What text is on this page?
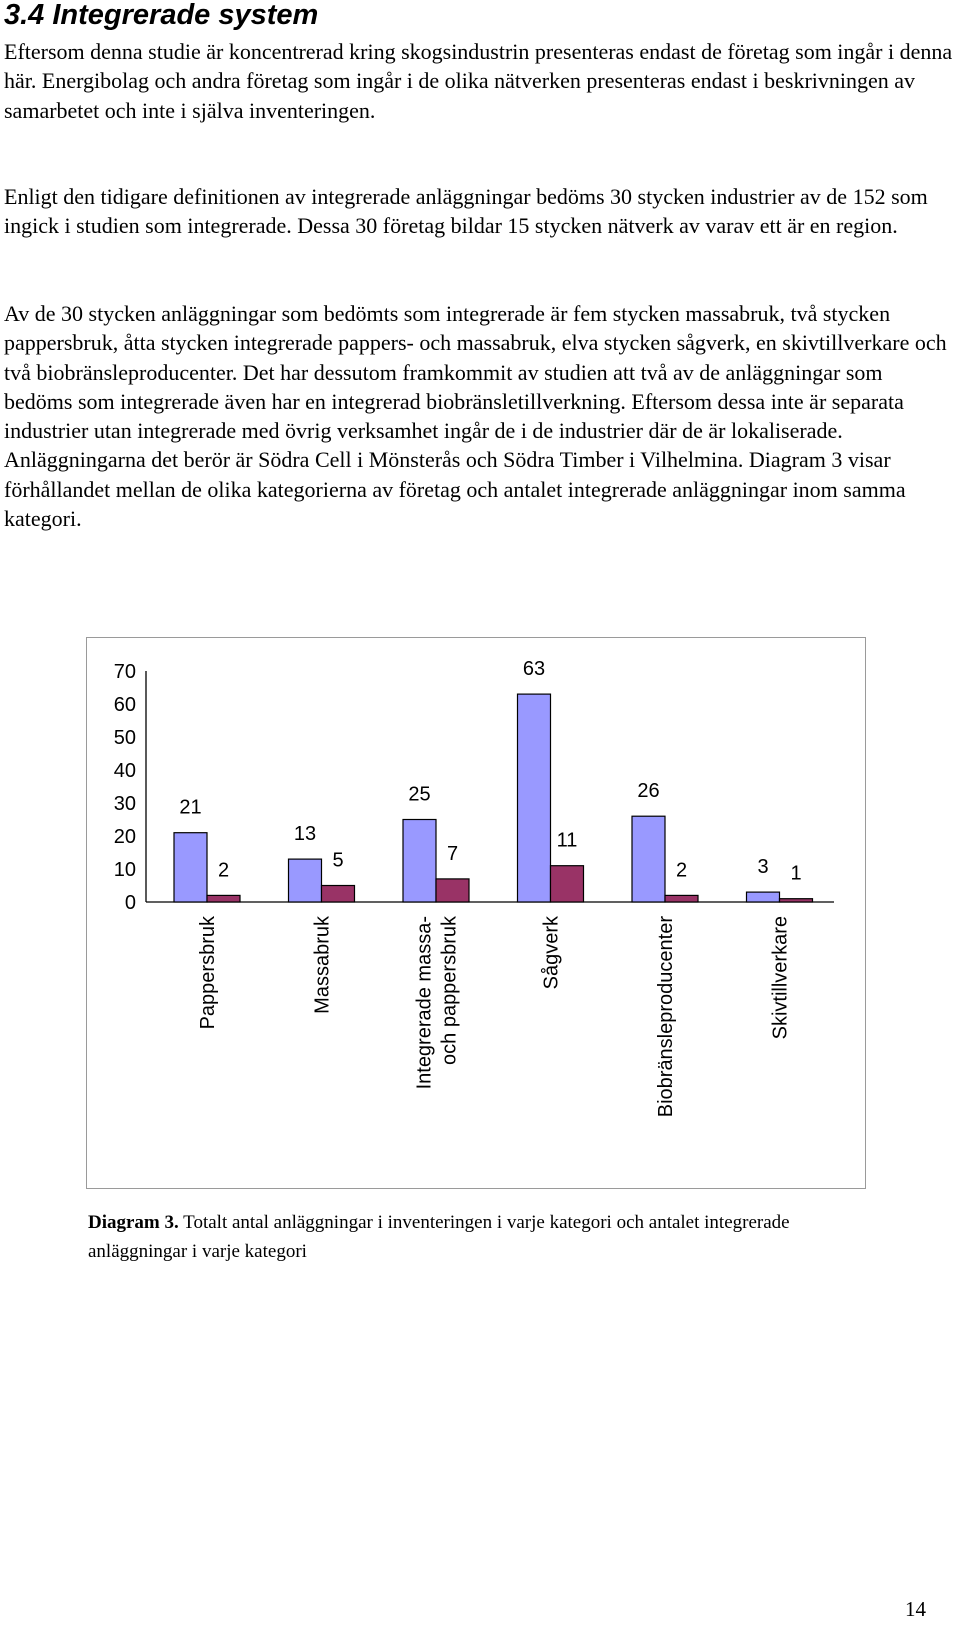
3.4 Integrerade system

Eftersom denna studie är koncentrerad kring skogsindustrin presenteras endast de företag som ingår i denna här. Energibolag och andra företag som ingår i de olika nätverken presenteras endast i beskrivningen av samarbetet och inte i själva inventeringen.

Enligt den tidigare definitionen av integrerade anläggningar bedöms 30 stycken industrier av de 152 som ingick i studien som integrerade. Dessa 30 företag bildar 15 stycken nätverk av varav ett är en region.

Av de 30 stycken anläggningar som bedömts som integrerade är fem stycken massabruk, två stycken pappersbruk, åtta stycken integrerade pappers- och massabruk, elva stycken sågverk, en skivtillverkare och två biobränsleproducenter. Det har dessutom framkommit av studien att två av de anläggningar som bedöms som integrerade även har en integrerad biobränsletillverkning. Eftersom dessa inte är separata industrier utan integrerade med övrig verksamhet ingår de i de industrier där de är lokaliserade. Anläggningarna det berör är Södra Cell i Mönsterås och Södra Timber i Vilhelmina. Diagram 3 visar förhållandet mellan de olika kategorierna av företag och antalet integrerade anläggningar inom samma kategori.

0
10
20
30
40
50
60
70
21
2
Pappersbruk
13
5
Massabruk
25
7
Integrerade massa- och pappersbruk
63
11
Sågverk
26
2
Biobränsleproducenter
3 1
Skivtillverkare

Diagram 3. Totalt antal anläggningar i inventeringen i varje kategori och antalet integrerade anläggningar i varje kategori

14
